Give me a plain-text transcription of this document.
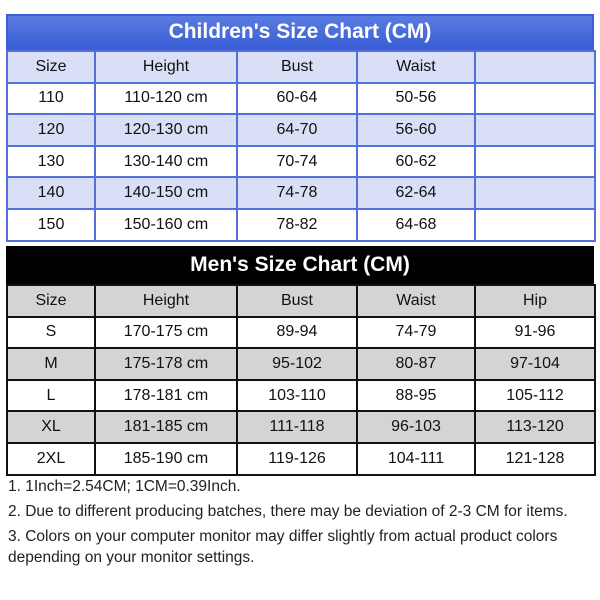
Children's Size Chart (CM)
Size	Height	Bust	Waist	
110	110-120 cm	60-64	50-56	
120	120-130 cm	64-70	56-60	
130	130-140 cm	70-74	60-62	
140	140-150 cm	74-78	62-64	
150	150-160 cm	78-82	64-68	
Men's Size Chart (CM)
Size	Height	Bust	Waist	Hip
S	170-175 cm	89-94	74-79	91-96
M	175-178 cm	95-102	80-87	97-104
L	178-181 cm	103-110	88-95	105-112
XL	181-185 cm	111-118	96-103	113-120
2XL	185-190 cm	119-126	104-111	121-128

1. 1Inch=2.54CM; 1CM=0.39Inch.

2. Due to different producing batches, there may be deviation of 2-3 CM for items.

3. Colors on your computer monitor may differ slightly from actual product colors depending on your monitor settings.
